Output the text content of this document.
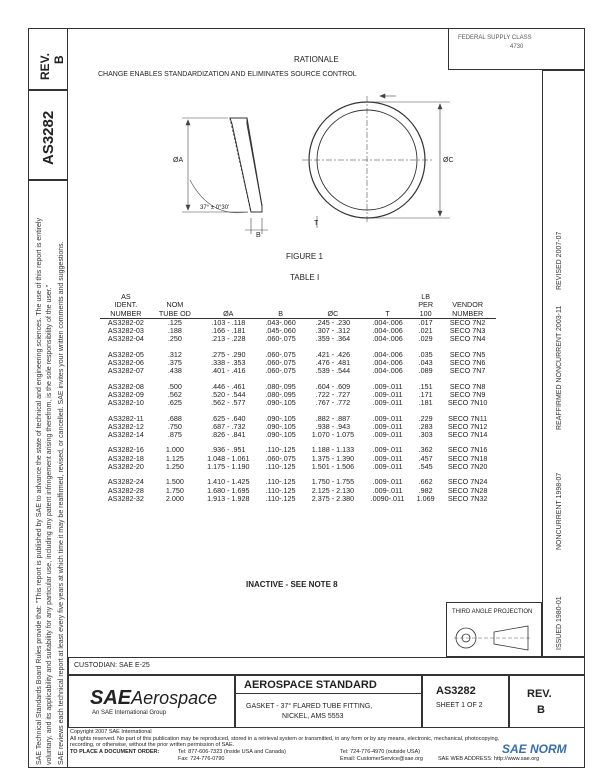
REV. B
AS3282
FEDERAL SUPPLY CLASS
4730
SAE Technical Standards Board Rules provide that: "This report is published by SAE to advance the state of technical and engineering sciences. The use of this report is entirely voluntary, and its applicability and suitability for any particular use, including any patent infringement arising therefrom, is the sole responsibility of the user." SAE reviews each technical report at least every five years at which time it may be reaffirmed, revised, or cancelled. SAE invites your written comments and suggestions.	REVISED 2007-07
REAFFIRMED NONCURRENT 2003-11
NONCURRENT 1998-07
ISSUED 1980-01
RATIONALE
CHANGE ENABLES STANDARDIZATION AND ELIMINATES SOURCE CONTROL
ØA	ØC
B
T
37° ± 0°30'
FIGURE 1
TABLE I
AS						LB	
IDENT.	NOM					PER	VENDOR
NUMBER	TUBE OD	ØA	B	ØC	T	100	NUMBER
AS3282-02	.125	.103 - .118	.043-.060	.245 - .230	.004-.006	.017	SECO 7N2
AS3282-03	.188	.166 - .181	.045-.060	.307 - .312	.004-.006	.021	SECO 7N3
AS3282-04	.250	.213 - .228	.060-.075	.359 - .364	.004-.006	.029	SECO 7N4

AS3282-05	.312	.275 - .290	.060-.075	.421 - .426	.004-.006	.035	SECO 7N5
AS3282-06	.375	.338 - .353	.060-.075	.476 - .481	.004-.006	.043	SECO 7N6
AS3282-07	.438	.401 - .416	.060-.075	.539 - .544	.004-.006	.089	SECO 7N7

AS3282-08	.500	.446 - .461	.080-.095	.604 - .609	.009-.011	.151	SECO 7N8
AS3282-09	.562	.520 - .544	.080-.095	.722 - .727	.009-.011	.171	SECO 7N9
AS3282-10	.625	.562 - .577	.090-.105	.767 - .772	.009-.011	.181	SECO 7N10

AS3282-11	.688	.625 - .640	.090-.105	.882 - .887	.009-.011	.229	SECO 7N11
AS3282-12	.750	.687 - .732	.090-.105	.938 - .943	.009-.011	.283	SECO 7N12
AS3282-14	.875	.826 - .841	.090-.105	1.070 - 1.075	.009-.011	.303	SECO 7N14

AS3282-16	1.000	.936 - .951	.110-.125	1.188 - 1.133	.009-.011	.362	SECO 7N16
AS3282-18	1.125	1.048 - 1.061	.060-.075	1.375 - 1.390	.009-.011	.457	SECO 7N18
AS3282-20	1.250	1.175 - 1.190	.110-.125	1.501 - 1.506	.009-.011	.545	SECO 7N20

AS3282-24	1.500	1.410 - 1.425	.110-.125	1.750 - 1.755	.009-.011	.662	SECO 7N24
AS3282-28	1.750	1.680 - 1.695	.110-.125	2.125 - 2.130	.009-.011	.982	SECO 7N28
AS3282-32	2.000	1.913 - 1.928	.110-.125	2.375 - 2.380	.0090-.011	1.069	SECO 7N32
INACTIVE - SEE NOTE 8
THIRD ANGLE PROJECTION
CUSTODIAN: SAE E-25
SAEAerospace
An SAE International Group
AEROSPACE STANDARD
GASKET - 37° FLARED TUBE FITTING,
NICKEL, AMS 5553
AS3282
SHEET 1 OF 2
REV.
B
Copyright 2007 SAE International
All rights reserved. No part of this publication may be reproduced, stored in a retrieval system or transmitted, in any form or by any means, electronic, mechanical, photocopying,
recording, or otherwise, without the prior written permission of SAE.
TO PLACE A DOCUMENT ORDER:	Tel: 877-606-7323 (inside USA and Canada)	Tel: 724-776-4970 (outside USA)
Fax: 724-776-0790	Email: CustomerService@sae.org	SAE WEB ADDRESS: http://www.sae.org
SAE NORM
